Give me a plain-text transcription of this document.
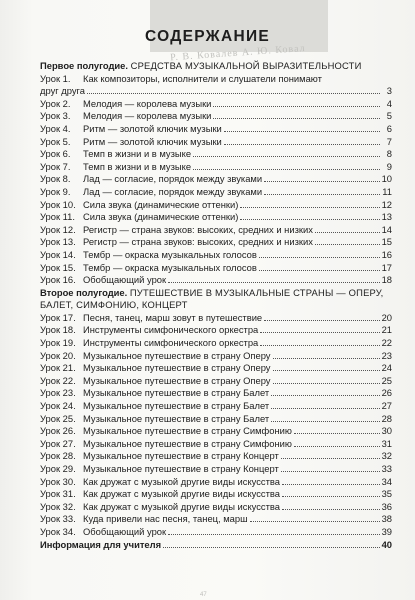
Р. В. Ковалев А. Ю. Ковал
СОДЕРЖАНИЕ
Первое полугодие. СРЕДСТВА МУЗЫКАЛЬНОЙ ВЫРАЗИТЕЛЬНОСТИ
Урок 1.	Как композиторы, исполнители и слушатели понимают
друг друга	3
Урок 2.	Мелодия — королева музыки	4
Урок 3.	Мелодия — королева музыки	5
Урок 4.	Ритм — золотой ключик музыки	6
Урок 5.	Ритм — золотой ключик музыки	7
Урок 6.	Темп в жизни и в музыке	8
Урок 7.	Темп в жизни и в музыке	9
Урок 8.	Лад — согласие, порядок между звуками	10
Урок 9.	Лад — согласие, порядок между звуками	11
Урок 10. Сила звука (динамические оттенки)	12
Урок 11. Сила звука (динамические оттенки)	13
Урок 12. Регистр — страна звуков: высоких, средних и низких	14
Урок 13. Регистр — страна звуков: высоких, средних и низких	15
Урок 14. Тембр — окраска музыкальных голосов	16
Урок 15. Тембр — окраска музыкальных голосов	17
Урок 16. Обобщающий урок	18
Второе полугодие. ПУТЕШЕСТВИЕ В МУЗЫКАЛЬНЫЕ СТРАНЫ — ОПЕРУ, БАЛЕТ, СИМФОНИЮ, КОНЦЕРТ
Урок 17. Песня, танец, марш зовут в путешествие	20
Урок 18. Инструменты симфонического оркестра	21
Урок 19. Инструменты симфонического оркестра	22
Урок 20. Музыкальное путешествие в страну Оперу	23
Урок 21. Музыкальное путешествие в страну Оперу	24
Урок 22. Музыкальное путешествие в страну Оперу	25
Урок 23. Музыкальное путешествие в страну Балет	26
Урок 24. Музыкальное путешествие в страну Балет	27
Урок 25. Музыкальное путешествие в страну Балет	28
Урок 26. Музыкальное путешествие в страну Симфонию	30
Урок 27. Музыкальное путешествие в страну Симфонию	31
Урок 28. Музыкальное путешествие в страну Концерт	32
Урок 29. Музыкальное путешествие в страну Концерт	33
Урок 30. Как дружат с музыкой другие виды искусства	34
Урок 31. Как дружат с музыкой другие виды искусства	35
Урок 32. Как дружат с музыкой другие виды искусства	36
Урок 33. Куда привели нас песня, танец, марш	38
Урок 34. Обобщающий урок	39
Информация для учителя	40
47
